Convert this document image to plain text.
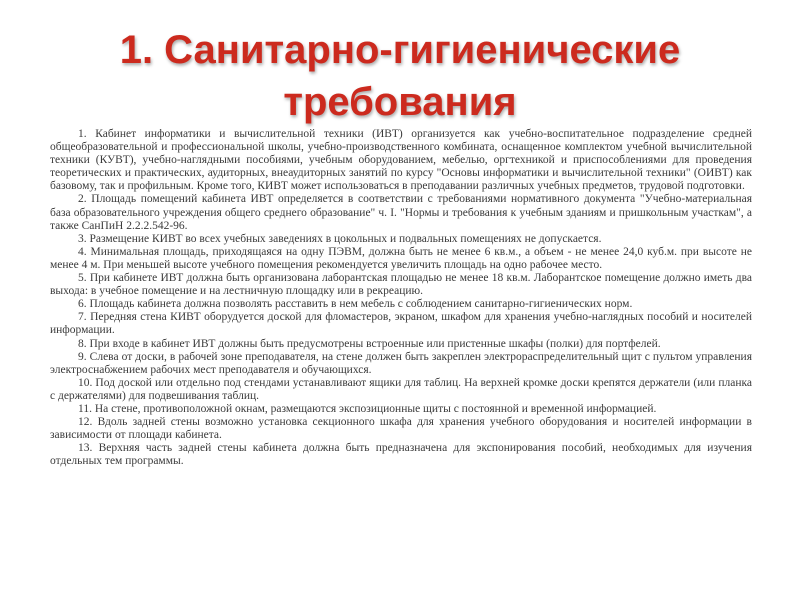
1. Санитарно-гигиенические
требования

1. Кабинет информатики и вычислительной техники (ИВТ) организуется как учебно-воспитательное подразделение средней общеобразовательной и профессиональной школы, учебно-производственного комбината, оснащенное комплектом учебной вычислительной техники (КУВТ), учебно-наглядными пособиями, учебным оборудованием, мебелью, оргтехникой и приспособлениями для проведения теоретических и практических, аудиторных, внеаудиторных занятий по курсу "Основы информатики и вычислительной техники" (ОИВТ) как базовому, так и профильным. Кроме того, КИВТ может использоваться в преподавании различных учебных предметов, трудовой подготовки.

2. Площадь помещений кабинета ИВТ определяется в соответствии с требованиями нормативного документа "Учебно-материальная база образовательного учреждения общего среднего образование" ч. I. "Нормы и требования к учебным зданиям и пришкольным участкам", а также СанПиН 2.2.2.542-96.

3. Размещение КИВТ во всех учебных заведениях в цокольных и подвальных помещениях не допускается.

4. Минимальная площадь, приходящаяся на одну ПЭВМ, должна быть не менее 6 кв.м., а объем - не менее 24,0 куб.м. при высоте не менее 4 м. При меньшей высоте учебного помещения рекомендуется увеличить площадь на одно рабочее место.

5. При кабинете ИВТ должна быть организована лаборантская площадью не менее 18 кв.м. Лаборантское помещение должно иметь два выхода: в учебное помещение и на лестничную площадку или в рекреацию.

6. Площадь кабинета должна позволять расставить в нем мебель с соблюдением санитарно-гигиенических норм.

7. Передняя стена КИВТ оборудуется доской для фломастеров, экраном, шкафом для хранения учебно-наглядных пособий и носителей информации.

8. При входе в кабинет ИВТ должны быть предусмотрены встроенные или пристенные шкафы (полки) для портфелей.

9. Слева от доски, в рабочей зоне преподавателя, на стене должен быть закреплен электрораспределительный щит с пультом управления электроснабжением рабочих мест преподавателя и обучающихся.

10. Под доской или отдельно под стендами устанавливают ящики для таблиц. На верхней кромке доски крепятся держатели (или планка с держателями) для подвешивания таблиц.

11. На стене, противоположной окнам, размещаются экспозиционные щиты с постоянной и временной информацией.

12. Вдоль задней стены возможно установка секционного шкафа для хранения учебного оборудования и носителей информации в зависимости от площади кабинета.

13. Верхняя часть задней стены кабинета должна быть предназначена для экспонирования пособий, необходимых для изучения отдельных тем программы.
